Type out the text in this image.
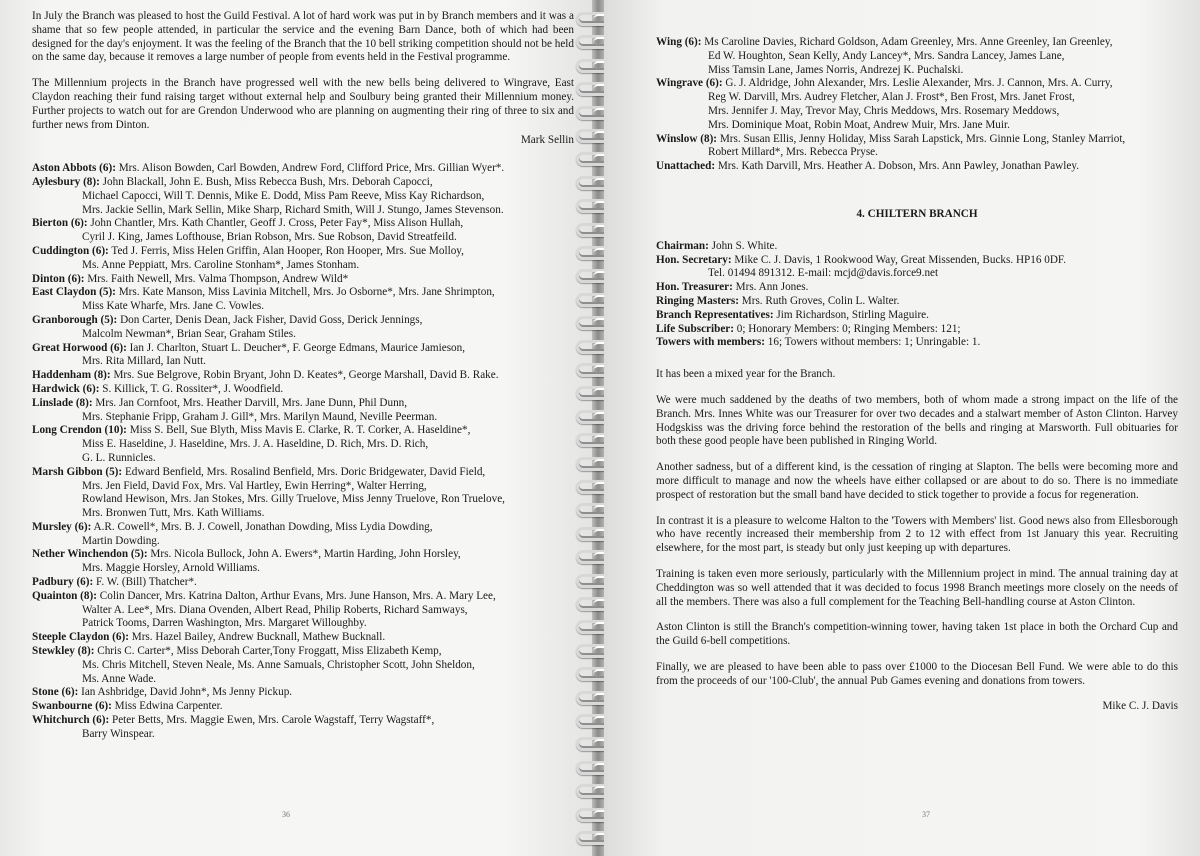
In July the Branch was pleased to host the Guild Festival. A lot of hard work was put in by Branch members and it was a shame that so few people attended, in particular the service and the evening Barn Dance, both of which had been designed for the day's enjoyment. It was the feeling of the Branch that the 10 bell striking competition should not be held on the same day, because it removes a large number of people from events held in the Festival programme.

The Millennium projects in the Branch have progressed well with the new bells being delivered to Wingrave, East Claydon reaching their fund raising target without external help and Soulbury being granted their Millennium money. Further projects to watch out for are Grendon Underwood who are planning on augmenting their ring of three to six and further news from Dinton.

Mark Sellin
Aston Abbots (6): Mrs. Alison Bowden, Carl Bowden, Andrew Ford, Clifford Price, Mrs. Gillian Wyer*.
Aylesbury (8): John Blackall, John E. Bush, Miss Rebecca Bush, Mrs. Deborah Capocci,
Michael Capocci, Will T. Dennis, Mike E. Dodd, Miss Pam Reeve, Miss Kay Richardson,
Mrs. Jackie Sellin, Mark Sellin, Mike Sharp, Richard Smith, Will J. Stungo, James Stevenson.
Bierton (6): John Chantler, Mrs. Kath Chantler, Geoff J. Cross, Peter Fay*, Miss Alison Hullah,
Cyril J. King, James Lofthouse, Brian Robson, Mrs. Sue Robson, David Streatfeild.
Cuddington (6): Ted J. Ferris, Miss Helen Griffin, Alan Hooper, Ron Hooper, Mrs. Sue Molloy,
Ms. Anne Peppiatt, Mrs. Caroline Stonham*, James Stonham.
Dinton (6): Mrs. Faith Newell, Mrs. Valma Thompson, Andrew Wild*
East Claydon (5): Mrs. Kate Manson, Miss Lavinia Mitchell, Mrs. Jo Osborne*, Mrs. Jane Shrimpton,
Miss Kate Wharfe, Mrs. Jane C. Vowles.
Granborough (5): Don Carter, Denis Dean, Jack Fisher, David Goss, Derick Jennings,
Malcolm Newman*, Brian Sear, Graham Stiles.
Great Horwood (6): Ian J. Charlton, Stuart L. Deucher*, F. George Edmans, Maurice Jamieson,
Mrs. Rita Millard, Ian Nutt.
Haddenham (8): Mrs. Sue Belgrove, Robin Bryant, John D. Keates*, George Marshall, David B. Rake.
Hardwick (6): S. Killick, T. G. Rossiter*, J. Woodfield.
Linslade (8): Mrs. Jan Cornfoot, Mrs. Heather Darvill, Mrs. Jane Dunn, Phil Dunn,
Mrs. Stephanie Fripp, Graham J. Gill*, Mrs. Marilyn Maund, Neville Peerman.
Long Crendon (10): Miss S. Bell, Sue Blyth, Miss Mavis E. Clarke, R. T. Corker, A. Haseldine*,
Miss E. Haseldine, J. Haseldine, Mrs. J. A. Haseldine, D. Rich, Mrs. D. Rich,
G. L. Runnicles.
Marsh Gibbon (5): Edward Benfield, Mrs. Rosalind Benfield, Mrs. Doric Bridgewater, David Field,
Mrs. Jen Field, David Fox, Mrs. Val Hartley, Ewin Herring*, Walter Herring,
Rowland Hewison, Mrs. Jan Stokes, Mrs. Gilly Truelove, Miss Jenny Truelove, Ron Truelove,
Mrs. Bronwen Tutt, Mrs. Kath Williams.
Mursley (6): A.R. Cowell*, Mrs. B. J. Cowell, Jonathan Dowding, Miss Lydia Dowding,
Martin Dowding.
Nether Winchendon (5): Mrs. Nicola Bullock, John A. Ewers*, Martin Harding, John Horsley,
Mrs. Maggie Horsley, Arnold Williams.
Padbury (6): F. W. (Bill) Thatcher*.
Quainton (8): Colin Dancer, Mrs. Katrina Dalton, Arthur Evans, Mrs. June Hanson, Mrs. A. Mary Lee,
Walter A. Lee*, Mrs. Diana Ovenden, Albert Read, Philip Roberts, Richard Samways,
Patrick Tooms, Darren Washington, Mrs. Margaret Willoughby.
Steeple Claydon (6): Mrs. Hazel Bailey, Andrew Bucknall, Mathew Bucknall.
Stewkley (8): Chris C. Carter*, Miss Deborah Carter,Tony Froggatt, Miss Elizabeth Kemp,
Ms. Chris Mitchell, Steven Neale, Ms. Anne Samuals, Christopher Scott, John Sheldon,
Ms. Anne Wade.
Stone (6): Ian Ashbridge, David John*, Ms Jenny Pickup.
Swanbourne (6): Miss Edwina Carpenter.
Whitchurch (6): Peter Betts, Mrs. Maggie Ewen, Mrs. Carole Wagstaff, Terry Wagstaff*,
Barry Winspear.
36
Wing (6): Ms Caroline Davies, Richard Goldson, Adam Greenley, Mrs. Anne Greenley, Ian Greenley,
Ed W. Houghton, Sean Kelly, Andy Lancey*, Mrs. Sandra Lancey, James Lane,
Miss Tamsin Lane, James Norris, Andrezej K. Puchalski.
Wingrave (6): G. J. Aldridge, John Alexander, Mrs. Leslie Alexander, Mrs. J. Cannon, Mrs. A. Curry,
Reg W. Darvill, Mrs. Audrey Fletcher, Alan J. Frost*, Ben Frost, Mrs. Janet Frost,
Mrs. Jennifer J. May, Trevor May, Chris Meddows, Mrs. Rosemary Meddows,
Mrs. Dominique Moat, Robin Moat, Andrew Muir, Mrs. Jane Muir.
Winslow (8): Mrs. Susan Ellis, Jenny Holiday, Miss Sarah Lapstick, Mrs. Ginnie Long, Stanley Marriot,
Robert Millard*, Mrs. Rebecca Pryse.
Unattached: Mrs. Kath Darvill, Mrs. Heather A. Dobson, Mrs. Ann Pawley, Jonathan Pawley.
4. CHILTERN BRANCH
Chairman: John S. White.
Hon. Secretary: Mike C. J. Davis, 1 Rookwood Way, Great Missenden, Bucks. HP16 0DF.
Tel. 01494 891312. E-mail: mcjd@davis.force9.net
Hon. Treasurer: Mrs. Ann Jones.
Ringing Masters: Mrs. Ruth Groves, Colin L. Walter.
Branch Representatives: Jim Richardson, Stirling Maguire.
Life Subscriber: 0; Honorary Members: 0; Ringing Members: 121;
Towers with members: 16; Towers without members: 1; Unringable: 1.

It has been a mixed year for the Branch.

We were much saddened by the deaths of two members, both of whom made a strong impact on the life of the Branch. Mrs. Innes White was our Treasurer for over two decades and a stalwart member of Aston Clinton. Harvey Hodgskiss was the driving force behind the restoration of the bells and ringing at Marsworth. Full obituaries for both these good people have been published in Ringing World.

Another sadness, but of a different kind, is the cessation of ringing at Slapton. The bells were becoming more and more difficult to manage and now the wheels have either collapsed or are about to do so. There is no immediate prospect of restoration but the small band have decided to stick together to provide a focus for regeneration.

In contrast it is a pleasure to welcome Halton to the 'Towers with Members' list. Good news also from Ellesborough who have recently increased their membership from 2 to 12 with effect from 1st January this year. Recruiting elsewhere, for the most part, is steady but only just keeping up with departures.

Training is taken even more seriously, particularly with the Millennium project in mind. The annual training day at Cheddington was so well attended that it was decided to focus 1998 Branch meetings more closely on the needs of all the members. There was also a full complement for the Teaching Bell-handling course at Aston Clinton.

Aston Clinton is still the Branch's competition-winning tower, having taken 1st place in both the Orchard Cup and the Guild 6-bell competitions.

Finally, we are pleased to have been able to pass over £1000 to the Diocesan Bell Fund. We were able to do this from the proceeds of our '100-Club', the annual Pub Games evening and donations from towers.

Mike C. J. Davis
37
